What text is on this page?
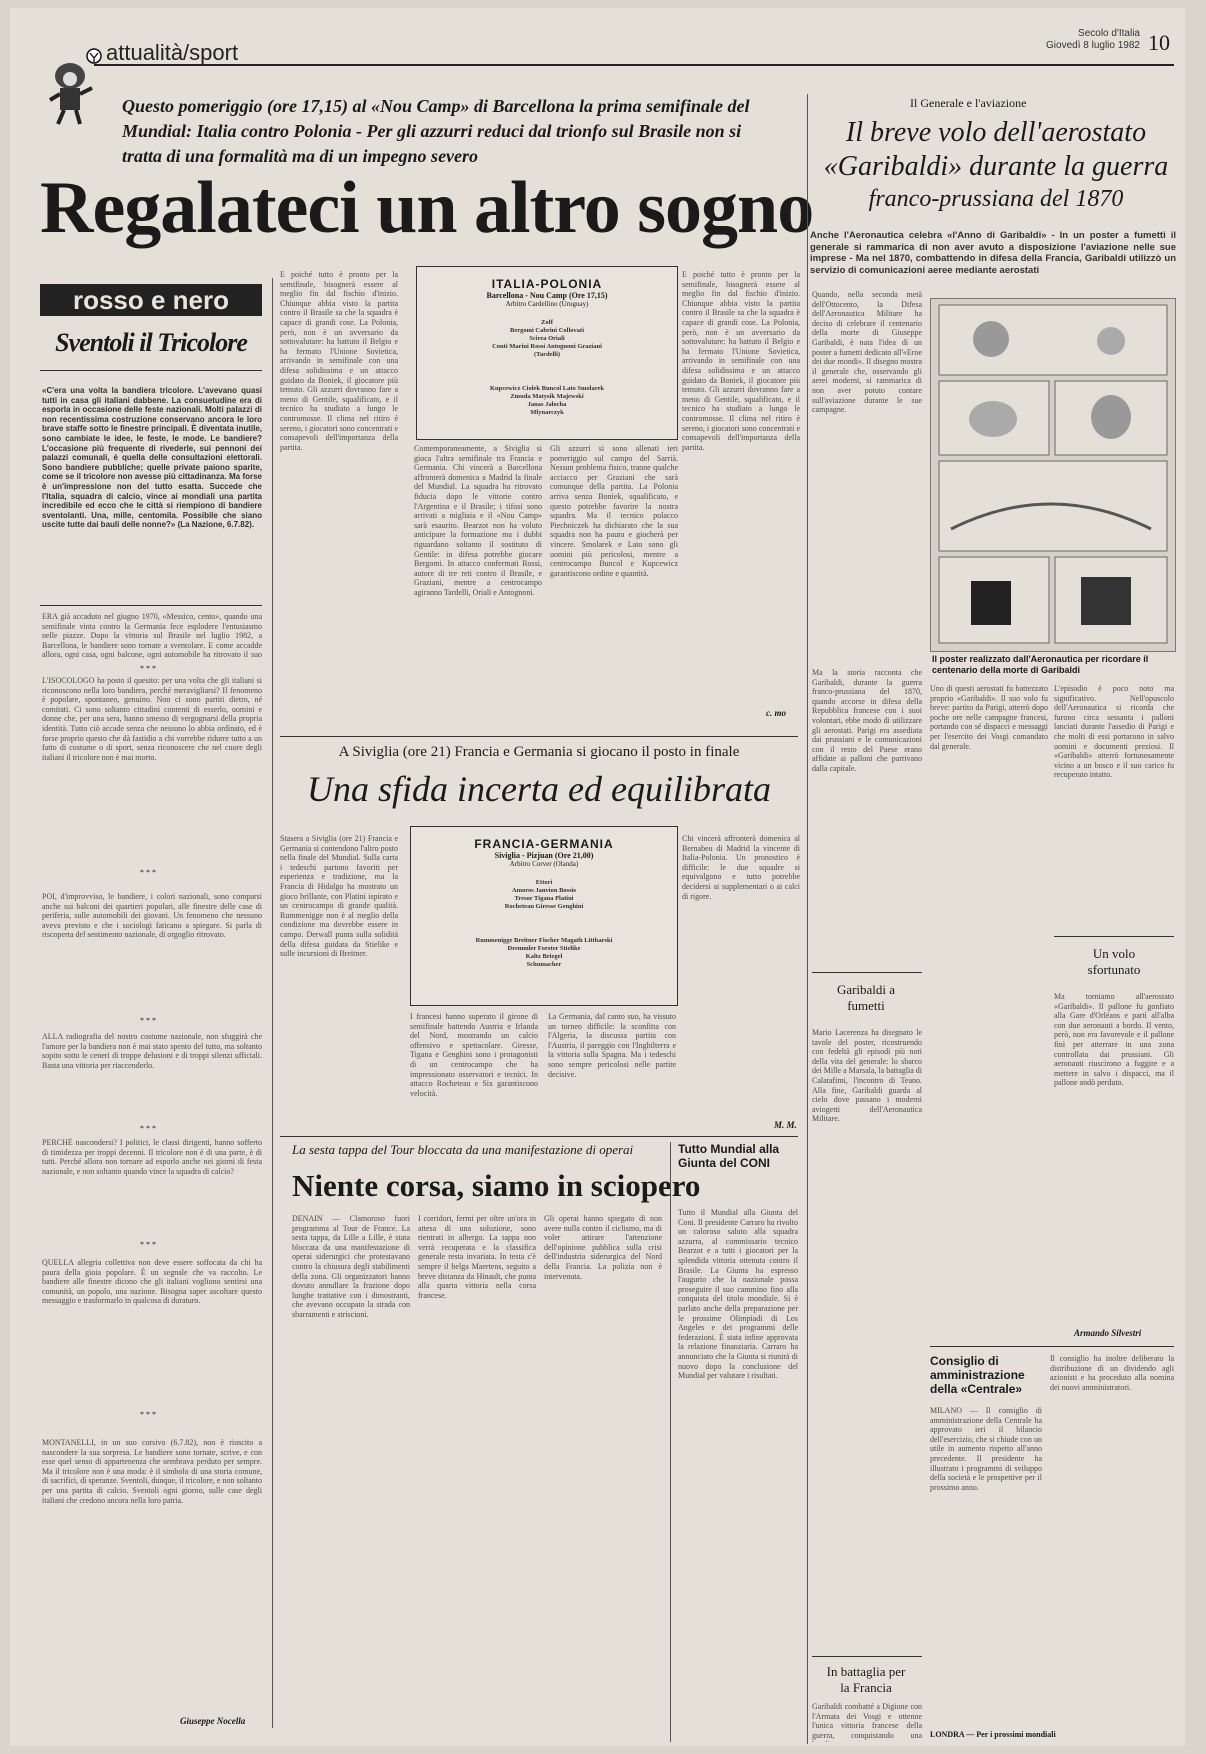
attualità/sport
Secolo d'Italia
Giovedì 8 luglio 1982 10
Questo pomeriggio (ore 17,15) al «Nou Camp» di Barcellona la prima semifinale del Mundial: Italia contro Polonia - Per gli azzurri reduci dal trionfo sul Brasile non si tratta di una formalità ma di un impegno severo
Regalateci un altro sogno
rosso e nero
Sventoli il Tricolore
«C'era una volta la bandiera tricolore. L'avevano quasi tutti in casa gli italiani dabbene. La consuetudine era di esporla in occasione delle feste nazionali. Molti palazzi di non recentissima costruzione conservano ancora le loro brave staffe sotto le finestre principali. È diventata inutile, sono cambiate le idee, le feste, le mode. Le bandiere? L'occasione più frequente di rivederle, sui pennoni dei palazzi comunali, è quella delle consultazioni elettorali. Sono bandiere pubbliche; quelle private paiono sparite, come se il tricolore non avesse più cittadinanza. Ma forse è un'impressione non del tutto esatta. Succede che l'Italia, squadra di calcio, vince ai mondiali una partita incredibile ed ecco che le città si riempiono di bandiere sventolanti. Una, mille, centomila. Possibile che siano uscite tutte dai bauli delle nonne?» (La Nazione, 6.7.82).
ERA già accaduto nel giugno 1970, «Messico, cento», quando una semifinale vinta contro la Germania fece esplodere l'entusiasmo nelle piazze. Dopo la vittoria sul Brasile nel luglio 1982, a Barcellona, le bandiere sono tornate a sventolare. E come accadde allora, ogni casa, ogni balcone, ogni automobile ha ritrovato il suo
* * *
L'ISOCOLOGO ha posto il quesito: per una volta che gli italiani si riconoscono nella loro bandiera, perché meravigliarsi? Il fenomeno è popolare, spontaneo, genuino. Non ci sono partiti dietro, né comitati. Ci sono soltanto cittadini contenti di esserlo, uomini e donne che, per una sera, hanno smesso di vergognarsi della propria identità. Tutto ciò accade senza che nessuno lo abbia ordinato, ed è forse proprio questo che dà fastidio a chi vorrebbe ridurre tutto a un fatto di costume o di sport, senza riconoscere che nel cuore degli italiani il tricolore non è mai morto.
* * *
POI, d'improvviso, le bandiere, i colori nazionali, sono comparsi anche sui balconi dei quartieri popolari, alle finestre delle case di periferia, sulle automobili dei giovani. Un fenomeno che nessuno aveva previsto e che i sociologi faticano a spiegare. Si parla di riscoperta del sentimento nazionale, di orgoglio ritrovato.
* * *
ALLA radiografia del nostro costume nazionale, non sfuggirà che l'amore per la bandiera non è mai stato spento del tutto, ma soltanto sopito sotto le ceneri di troppe delusioni e di troppi silenzi ufficiali. Basta una vittoria per riaccenderlo.
* * *
PERCHÉ nascondersi? I politici, le classi dirigenti, hanno sofferto di timidezza per troppi decenni. Il tricolore non è di una parte, è di tutti. Perché allora non tornare ad esporlo anche nei giorni di festa nazionale, e non soltanto quando vince la squadra di calcio?
* * *
QUELLA allegria collettiva non deve essere soffocata da chi ha paura della gioia popolare. È un segnale che va raccolto. Le bandiere alle finestre dicono che gli italiani vogliono sentirsi una comunità, un popolo, una nazione. Bisogna saper ascoltare questo messaggio e trasformarlo in qualcosa di duraturo.
* * *
MONTANELLI, in un suo corsivo (6.7.82), non è riuscito a nascondere la sua sorpresa. Le bandiere sono tornate, scrive, e con esse quel senso di appartenenza che sembrava perduto per sempre. Ma il tricolore non è una moda: è il simbolo di una storia comune, di sacrifici, di speranze. Sventoli, dunque, il tricolore, e non soltanto per una partita di calcio. Sventoli ogni giorno, sulle case degli italiani che credono ancora nella loro patria.
Giuseppe Nocella
E poiché tutto è pronto per la semifinale, bisognerà essere al meglio fin dal fischio d'inizio. Chiunque abbia visto la partita contro il Brasile sa che la squadra è capace di grandi cose. La Polonia, però, non è un avversario da sottovalutare: ha battuto il Belgio e ha fermato l'Unione Sovietica, arrivando in semifinale con una difesa solidissima e un attacco guidato da Boniek, il giocatore più temuto. Gli azzurri dovranno fare a meno di Gentile, squalificato, e il tecnico ha studiato a lungo le contromosse. Il clima nel ritiro è sereno, i giocatori sono concentrati e consapevoli dell'importanza della partita.
ITALIA-POLONIA
Barcellona - Nou Camp (Ore 17,15)
Arbitro Cardellino (Uruguay)
Zoff
Bergomi Cabrini Collovati
Scirea Oriali
Conti Marini Rossi Antognoni Graziani
(Tardelli)
Kupcewicz Ciolek Buncol Lato Smolarek
Zmuda Matysik Majewski
Janas Jalocha
Mlynarczyk
Contemporaneamente, a Siviglia si gioca l'altra semifinale tra Francia e Germania. Chi vincerà a Barcellona affronterà domenica a Madrid la finale del Mundial. La squadra ha ritrovato fiducia dopo le vittorie contro l'Argentina e il Brasile; i tifosi sono arrivati a migliaia e il «Nou Camp» sarà esaurito. Bearzot non ha voluto anticipare la formazione ma i dubbi riguardano soltanto il sostituto di Gentile: in difesa potrebbe giocare Bergomi. In attacco confermati Rossi, autore di tre reti contro il Brasile, e Graziani, mentre a centrocampo agiranno Tardelli, Oriali e Antognoni.
Gli azzurri si sono allenati ieri pomeriggio sul campo del Sarrià. Nessun problema fisico, tranne qualche acciacco per Graziani che sarà comunque della partita. La Polonia arriva senza Boniek, squalificato, e questo potrebbe favorire la nostra squadra. Ma il tecnico polacco Piechniczek ha dichiarato che la sua squadra non ha paura e giocherà per vincere. Smolarek e Lato sono gli uomini più pericolosi, mentre a centrocampo Buncol e Kupcewicz garantiscono ordine e quantità.
E poiché tutto è pronto per la semifinale, bisognerà essere al meglio fin dal fischio d'inizio. Chiunque abbia visto la partita contro il Brasile sa che la squadra è capace di grandi cose. La Polonia, però, non è un avversario da sottovalutare: ha battuto il Belgio e ha fermato l'Unione Sovietica, arrivando in semifinale con una difesa solidissima e un attacco guidato da Boniek, il giocatore più temuto. Gli azzurri dovranno fare a meno di Gentile, squalificato, e il tecnico ha studiato a lungo le contromosse. Il clima nel ritiro è sereno, i giocatori sono concentrati e consapevoli dell'importanza della partita.
c. mo
A Siviglia (ore 21) Francia e Germania si giocano il posto in finale
Una sfida incerta ed equilibrata
Stasera a Siviglia (ore 21) Francia e Germania si contendono l'altro posto nella finale del Mundial. Sulla carta i tedeschi partono favoriti per esperienza e tradizione, ma la Francia di Hidalgo ha mostrato un gioco brillante, con Platini ispirato e un centrocampo di grande qualità. Rummenigge non è al meglio della condizione ma dovrebbe essere in campo. Derwall punta sulla solidità della difesa guidata da Stielike e sulle incursioni di Breitner.
FRANCIA-GERMANIA
Siviglia - Pizjuan (Ore 21,00)
Arbitro Corver (Olanda)
Ettori
Amoros Janvion Bossis
Tresor Tigana Platini
Rocheteau Giresse Genghini
Rummenigge Breitner Fischer Magath Littbarski
Dremmler Forster Stielike
Kaltz Briegel
Schumacher
I francesi hanno superato il girone di semifinale battendo Austria e Irlanda del Nord, mostrando un calcio offensivo e spettacolare. Giresse, Tigana e Genghini sono i protagonisti di un centrocampo che ha impressionato osservatori e tecnici. In attacco Rocheteau e Six garantiscono velocità.
La Germania, dal canto suo, ha vissuto un torneo difficile: la sconfitta con l'Algeria, la discussa partita con l'Austria, il pareggio con l'Inghilterra e la vittoria sulla Spagna. Ma i tedeschi sono sempre pericolosi nelle partite decisive.
Chi vincerà affronterà domenica al Bernabeu di Madrid la vincente di Italia-Polonia. Un pronostico è difficile: le due squadre si equivalgono e tutto potrebbe decidersi ai supplementari o ai calci di rigore.
M. M.
La sesta tappa del Tour bloccata da una manifestazione di operai
Niente corsa, siamo in sciopero
DENAIN — Clamoroso fuori programma al Tour de France. La sesta tappa, da Lille a Lille, è stata bloccata da una manifestazione di operai siderurgici che protestavano contro la chiusura degli stabilimenti della zona. Gli organizzatori hanno dovuto annullare la frazione dopo lunghe trattative con i dimostranti, che avevano occupato la strada con sbarramenti e striscioni.
I corridori, fermi per oltre un'ora in attesa di una soluzione, sono rientrati in albergo. La tappa non verrà recuperata e la classifica generale resta invariata. In testa c'è sempre il belga Maertens, seguito a breve distanza da Hinault, che punta alla quarta vittoria nella corsa francese.
Gli operai hanno spiegato di non avere nulla contro il ciclismo, ma di voler attirare l'attenzione dell'opinione pubblica sulla crisi dell'industria siderurgica del Nord della Francia. La polizia non è intervenuta.
Tutto Mundial alla Giunta del CONI
Tutto il Mundial alla Giunta del Coni. Il presidente Carraro ha rivolto un caloroso saluto alla squadra azzurra, al commissario tecnico Bearzot e a tutti i giocatori per la splendida vittoria ottenuta contro il Brasile. La Giunta ha espresso l'augurio che la nazionale possa proseguire il suo cammino fino alla conquista del titolo mondiale. Si è parlato anche della preparazione per le prossime Olimpiadi di Los Angeles e dei programmi delle federazioni. È stata infine approvata la relazione finanziaria. Carraro ha annunciato che la Giunta si riunirà di nuovo dopo la conclusione del Mundial per valutare i risultati.
Il Generale e l'aviazione
Il breve volo dell'aerostato
«Garibaldi» durante la guerra
franco-prussiana del 1870
Anche l'Aeronautica celebra «l'Anno di Garibaldi» - In un poster a fumetti il generale si rammarica di non aver avuto a disposizione l'aviazione nelle sue imprese - Ma nel 1870, combattendo in difesa della Francia, Garibaldi utilizzò un servizio di comunicazioni aeree mediante aerostati
Quando, nella seconda metà dell'Ottocento, la Difesa dell'Aeronautica Militare ha deciso di celebrare il centenario della morte di Giuseppe Garibaldi, è nata l'idea di un poster a fumetti dedicato all'«Eroe dei due mondi». Il disegno mostra il generale che, osservando gli aerei moderni, si rammarica di non aver potuto contare sull'aviazione durante le sue campagne.
Il poster realizzato dall'Aeronautica per ricordare il centenario della morte di Garibaldi
Ma la storia racconta che Garibaldi, durante la guerra franco-prussiana del 1870, quando accorse in difesa della Repubblica francese con i suoi volontari, ebbe modo di utilizzare gli aerostati. Parigi era assediata dai prussiani e le comunicazioni con il resto del Paese erano affidate ai palloni che partivano dalla capitale.
Uno di questi aerostati fu battezzato proprio «Garibaldi». Il suo volo fu breve: partito da Parigi, atterrò dopo poche ore nelle campagne francesi, portando con sé dispacci e messaggi per l'esercito dei Vosgi comandato dal generale.
L'episodio è poco noto ma significativo. Nell'opuscolo dell'Aeronautica si ricorda che furono circa sessanta i palloni lanciati durante l'assedio di Parigi e che molti di essi portarono in salvo uomini e documenti preziosi. Il «Garibaldi» atterrò fortunosamente vicino a un bosco e il suo carico fu recuperato intatto.
Un volo sfortunato
Ma torniamo all'aerostato «Garibaldi». Il pallone fu gonfiato alla Gare d'Orléans e partì all'alba con due aeronauti a bordo. Il vento, però, non era favorevole e il pallone finì per atterrare in una zona controllata dai prussiani. Gli aeronauti riuscirono a fuggire e a mettere in salvo i dispacci, ma il pallone andò perduto.
Armando Silvestri
Garibaldi a fumetti
Mario Lacerenza ha disegnato le tavole del poster, ricostruendo con fedeltà gli episodi più noti della vita del generale: lo sbarco dei Mille a Marsala, la battaglia di Calatafimi, l'incontro di Teano. Alla fine, Garibaldi guarda al cielo dove passano i moderni aviogetti dell'Aeronautica Militare.
In battaglia per la Francia
Garibaldi combatté a Digione con l'Armata dei Vosgi e ottenne l'unica vittoria francese della guerra, conquistando una
Consiglio di amministrazione della «Centrale»
MILANO — Il consiglio di amministrazione della Centrale ha approvato ieri il bilancio dell'esercizio, che si chiude con un utile in aumento rispetto all'anno precedente. Il presidente ha illustrato i programmi di sviluppo della società e le prospettive per il prossimo anno.
Il consiglio ha inoltre deliberato la distribuzione di un dividendo agli azionisti e ha proceduto alla nomina dei nuovi amministratori.
LONDRA — Per i prossimi mondiali
